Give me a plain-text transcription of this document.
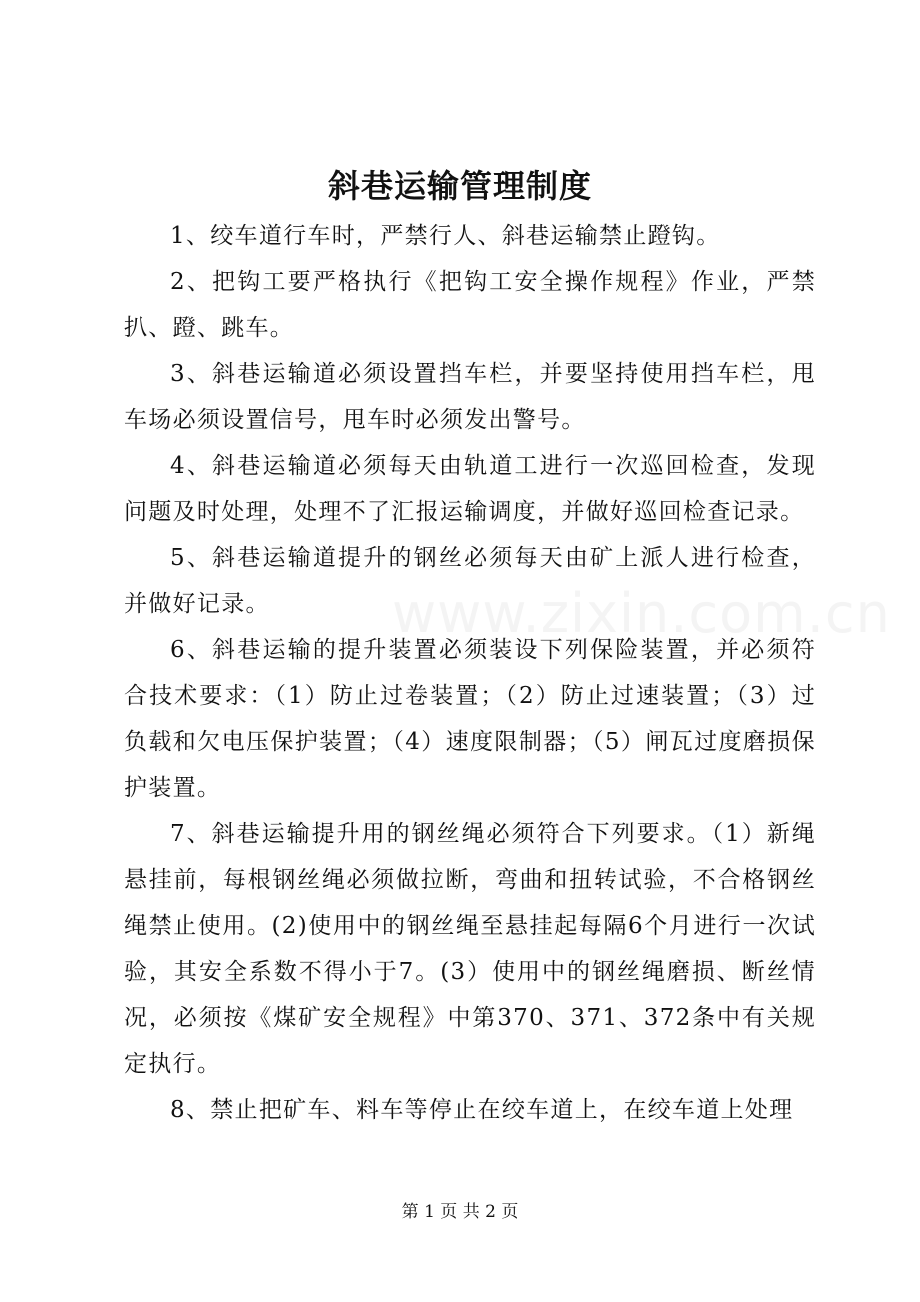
斜巷运输管理制度

1、绞车道行车时，严禁行人、斜巷运输禁止蹬钩。

2、把钩工要严格执行《把钩工安全操作规程》作业，严禁扒、蹬、跳车。

3、斜巷运输道必须设置挡车栏，并要坚持使用挡车栏，甩车场必须设置信号，甩车时必须发出警号。

4、斜巷运输道必须每天由轨道工进行一次巡回检查，发现问题及时处理，处理不了汇报运输调度，并做好巡回检查记录。

5、斜巷运输道提升的钢丝必须每天由矿上派人进行检查，并做好记录。

6、斜巷运输的提升装置必须装设下列保险装置，并必须符合技术要求：（1）防止过卷装置；（2）防止过速装置；（3）过负载和欠电压保护装置；（4）速度限制器；（5）闸瓦过度磨损保护装置。

7、斜巷运输提升用的钢丝绳必须符合下列要求。（1）新绳悬挂前，每根钢丝绳必须做拉断，弯曲和扭转试验，不合格钢丝绳禁止使用。(2)使用中的钢丝绳至悬挂起每隔6个月进行一次试验，其安全系数不得小于7。(3）使用中的钢丝绳磨损、断丝情况，必须按《煤矿安全规程》中第370、371、372条中有关规定执行。

8、禁止把矿车、料车等停止在绞车道上，在绞车道上处理

www.zixin.com.cn
第 1 页 共 2 页
